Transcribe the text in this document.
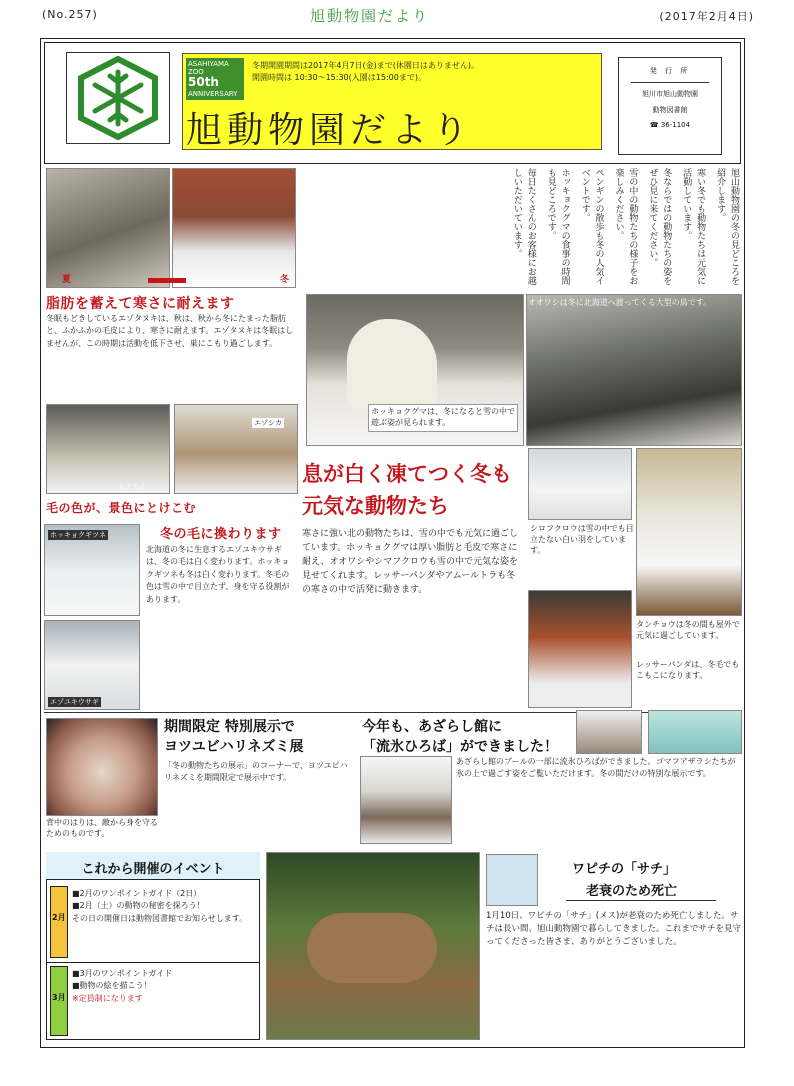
(No.257)	旭動物園だより	(2017年2月4日)
ASAHIYAMA ZOO
50th
ANNIVERSARY
冬期開園期間は2017年4月7日(金)まで(休園日はありません)。
開園時間は 10:30〜15:30(入園は15:00まで)。
旭動物園だより
発 行 所

旭川市旭山動物園

動物図書館

☎ 36-1104

夏	冬
脂肪を蓄えて寒さに耐えます
冬眠もどきしているエゾタヌキは、秋は、秋から冬にたまった脂肪と、ふかふかの毛皮により、寒さに耐えます。エゾタヌキは冬眠はしませんが、この時期は活動を低下させ、巣にこもり過ごします。
トナカイ
エゾシカ
毛の色が、景色にとけこむ
ホッキョクギツネ
エゾユキウサギ
冬の毛に換わります
北海道の冬に生息するエゾユキウサギは、冬の毛は白く変わります。ホッキョクギツネも冬は白く変わります。冬毛の色は雪の中で目立たず、身を守る役割があります。
旭山動物園の冬の見どころを紹介します。
寒い冬でも動物たちは元気に活動しています。
冬ならではの動物たちの姿をぜひ見に来てください。
雪の中の動物たちの様子をお楽しみください。
ペンギンの散歩も冬の人気イベントです。
ホッキョクグマの食事の時間も見どころです。
毎日たくさんのお客様にお越しいただいています。
ホッキョクグマは、冬になると雪の中で遊ぶ姿が見られます。
オオワシは冬に北海道へ渡ってくる大型の鳥です。
息が白く凍てつく冬も
元気な動物たち
寒さに強い北の動物たちは、雪の中でも元気に過ごしています。ホッキョクグマは厚い脂肪と毛皮で寒さに耐え、オオワシやシマフクロウも雪の中で元気な姿を見せてくれます。レッサーパンダやアムールトラも冬の寒さの中で活発に動きます。
シロフクロウは雪の中でも目立たない白い羽をしています。
タンチョウは冬の間も屋外で元気に過ごしています。
レッサーパンダは、冬毛でもこもこになります。
背中のはりは、敵から身を守るためのものです。
期間限定 特別展示で
ヨツユビハリネズミ展
「冬の動物たちの展示」のコーナーで、ヨツユビハリネズミを期間限定で展示中です。
今年も、あざらし館に
「流氷ひろば」ができました！
あざらし館のプールの一部に流氷ひろばができました。ゴマフアザラシたちが氷の上で過ごす姿をご覧いただけます。冬の間だけの特別な展示です。
これから開催のイベント
2月
■2月のワンポイントガイド（2日）
■2月（土）の動物の秘密を探ろう！
その日の開催日は動物図書館でお知らせします。
3月
■3月のワンポイントガイド
■動物の絵を描こう！
※定員制になります
ワピチの「サチ」
老衰のため死亡
1月10日、ワピチの「サチ」(メス)が老衰のため死亡しました。サチは長い間、旭山動物園で暮らしてきました。これまでサチを見守ってくださった皆さま、ありがとうございました。
